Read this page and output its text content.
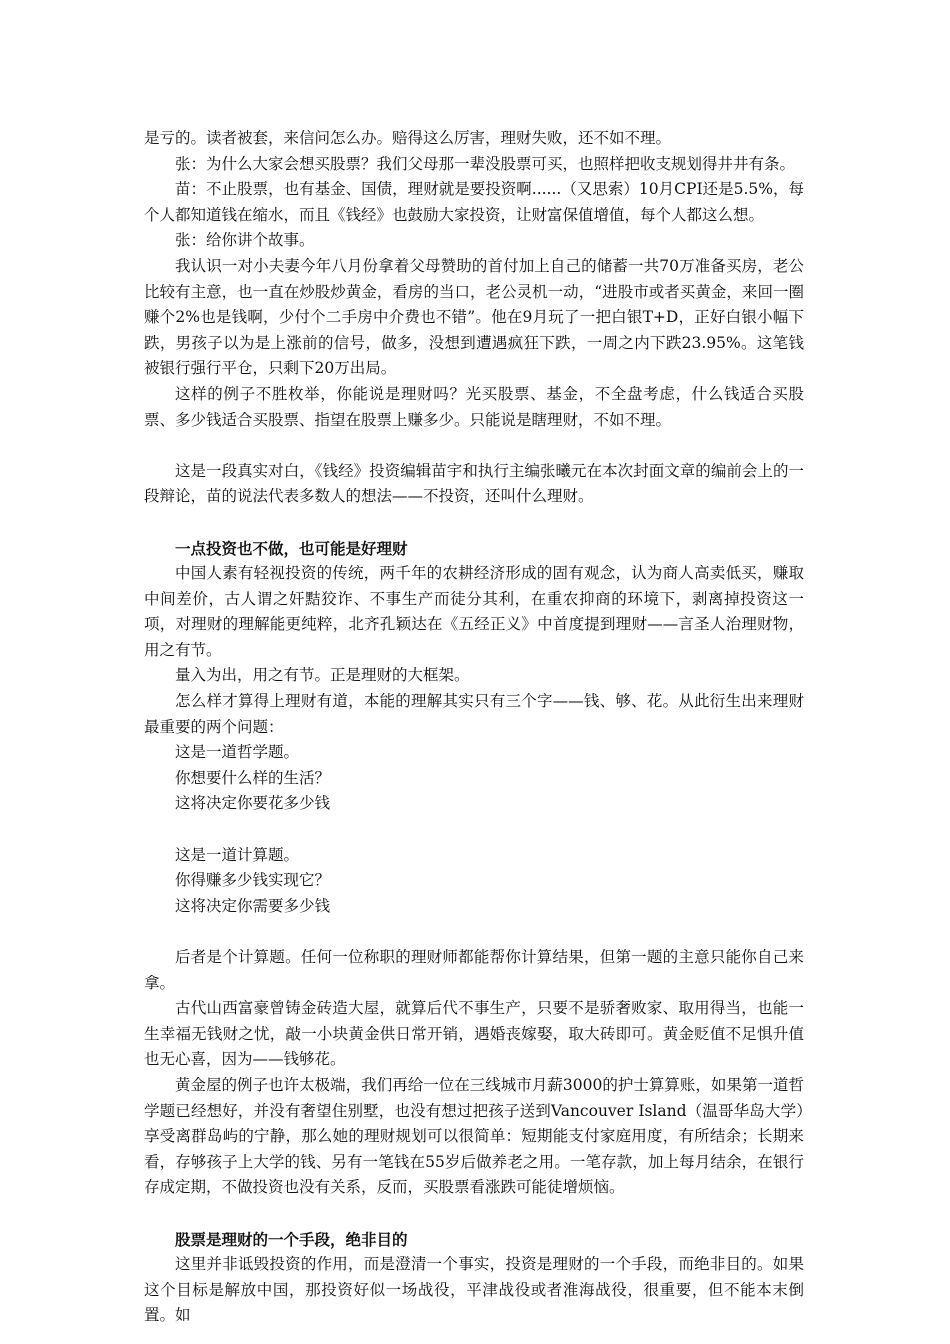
是亏的。读者被套，来信问怎么办。赔得这么厉害，理财失败，还不如不理。

张：为什么大家会想买股票？我们父母那一辈没股票可买，也照样把收支规划得井井有条。

苗：不止股票，也有基金、国债，理财就是要投资啊......（又思索）10月CPI还是5.5%，每个人都知道钱在缩水，而且《钱经》也鼓励大家投资，让财富保值增值，每个人都这么想。

张：给你讲个故事。

我认识一对小夫妻今年八月份拿着父母赞助的首付加上自己的储蓄一共70万准备买房，老公比较有主意，也一直在炒股炒黄金，看房的当口，老公灵机一动，“进股市或者买黄金，来回一圈赚个2%也是钱啊，少付个二手房中介费也不错”。他在9月玩了一把白银T+D，正好白银小幅下跌，男孩子以为是上涨前的信号，做多，没想到遭遇疯狂下跌，一周之内下跌23.95%。这笔钱被银行强行平仓，只剩下20万出局。

这样的例子不胜枚举，你能说是理财吗？光买股票、基金，不全盘考虑，什么钱适合买股票、多少钱适合买股票、指望在股票上赚多少。只能说是瞎理财，不如不理。

这是一段真实对白，《钱经》投资编辑苗宇和执行主编张曦元在本次封面文章的编前会上的一段辩论，苗的说法代表多数人的想法——不投资，还叫什么理财。

一点投资也不做，也可能是好理财

中国人素有轻视投资的传统，两千年的农耕经济形成的固有观念，认为商人高卖低买，赚取中间差价，古人谓之奸黠狡诈、不事生产而徒分其利，在重农抑商的环境下，剥离掉投资这一项，对理财的理解能更纯粹，北齐孔颖达在《五经正义》中首度提到理财——言圣人治理财物，用之有节。

量入为出，用之有节。正是理财的大框架。

怎么样才算得上理财有道，本能的理解其实只有三个字——钱、够、花。从此衍生出来理财最重要的两个问题：

这是一道哲学题。

你想要什么样的生活？

这将决定你要花多少钱

这是一道计算题。

你得赚多少钱实现它？

这将决定你需要多少钱

后者是个计算题。任何一位称职的理财师都能帮你计算结果，但第一题的主意只能你自己来拿。

古代山西富豪曾铸金砖造大屋，就算后代不事生产，只要不是骄奢败家、取用得当，也能一生幸福无钱财之忧，敲一小块黄金供日常开销，遇婚丧嫁娶，取大砖即可。黄金贬值不足惧升值也无心喜，因为——钱够花。

黄金屋的例子也许太极端，我们再给一位在三线城市月薪3000的护士算算账，如果第一道哲学题已经想好，并没有奢望住别墅，也没有想过把孩子送到Vancouver Island（温哥华岛大学）享受离群岛屿的宁静，那么她的理财规划可以很简单：短期能支付家庭用度，有所结余；长期来看，存够孩子上大学的钱、另有一笔钱在55岁后做养老之用。一笔存款，加上每月结余，在银行存成定期，不做投资也没有关系，反而，买股票看涨跌可能徒增烦恼。

股票是理财的一个手段，绝非目的

这里并非诋毁投资的作用，而是澄清一个事实，投资是理财的一个手段，而绝非目的。如果这个目标是解放中国，那投资好似一场战役，平津战役或者淮海战役，很重要，但不能本末倒置。如
